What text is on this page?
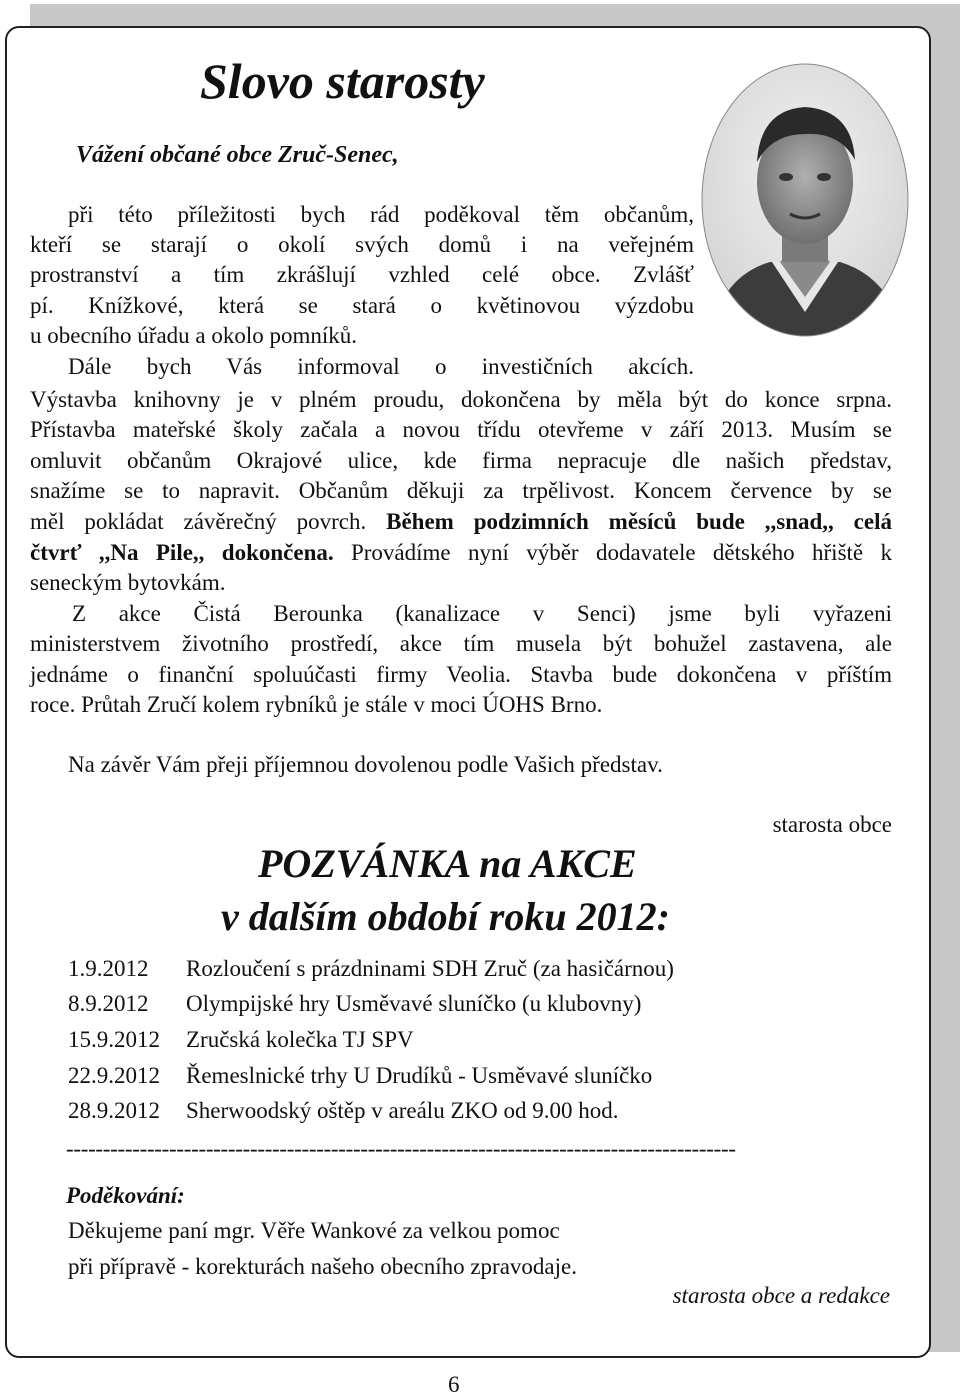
Slovo starosty
Vážení občané obce Zruč-Senec,
při této příležitosti bych rád poděkoval těm občanům,
kteří se starají o okolí svých domů i na veřejném
prostranství a tím zkrášlují vzhled celé obce. Zvlášť
pí. Knížkové, která se stará o květinovou výzdobu
u obecního úřadu a okolo pomníků.
Dále bych Vás informoval o investičních akcích.
Výstavba knihovny je v plném proudu, dokončena by měla být do konce srpna.
Přístavba mateřské školy začala a novou třídu otevřeme v září 2013. Musím se
omluvit občanům Okrajové ulice, kde firma nepracuje dle našich představ,
snažíme se to napravit. Občanům děkuji za trpělivost. Koncem července by se
měl pokládat závěrečný povrch. Během podzimních měsíců bude ,,snad,, celá
čtvrť ,,Na Pile,, dokončena. Provádíme nyní výběr dodavatele dětského hřiště k
seneckým bytovkám.
Z akce Čistá Berounka (kanalizace v Senci) jsme byli vyřazeni
ministerstvem životního prostředí, akce tím musela být bohužel zastavena, ale
jednáme o finanční spoluúčasti firmy Veolia. Stavba bude dokončena v příštím
roce. Průtah Zručí kolem rybníků je stále v moci ÚOHS Brno.
Na závěr Vám přeji příjemnou dovolenou podle Vašich představ.
starosta obce
POZVÁNKA na AKCE
v dalším období roku 2012:
1.9.2012 Rozloučení s prázdninami SDH Zruč (za hasičárnou)
8.9.2012 Olympijské hry Usměvavé sluníčko (u klubovny)
15.9.2012 Zručská kolečka TJ SPV
22.9.2012 Řemeslnické trhy U Drudíků - Usměvavé sluníčko
28.9.2012 Sherwoodský oštěp v areálu ZKO od 9.00 hod.
-------------------------------------------------------------------------------------------
Poděkování:
Děkujeme paní mgr. Věře Wankové za velkou pomoc
při přípravě - korekturách našeho obecního zpravodaje.
starosta obce a redakce
6
